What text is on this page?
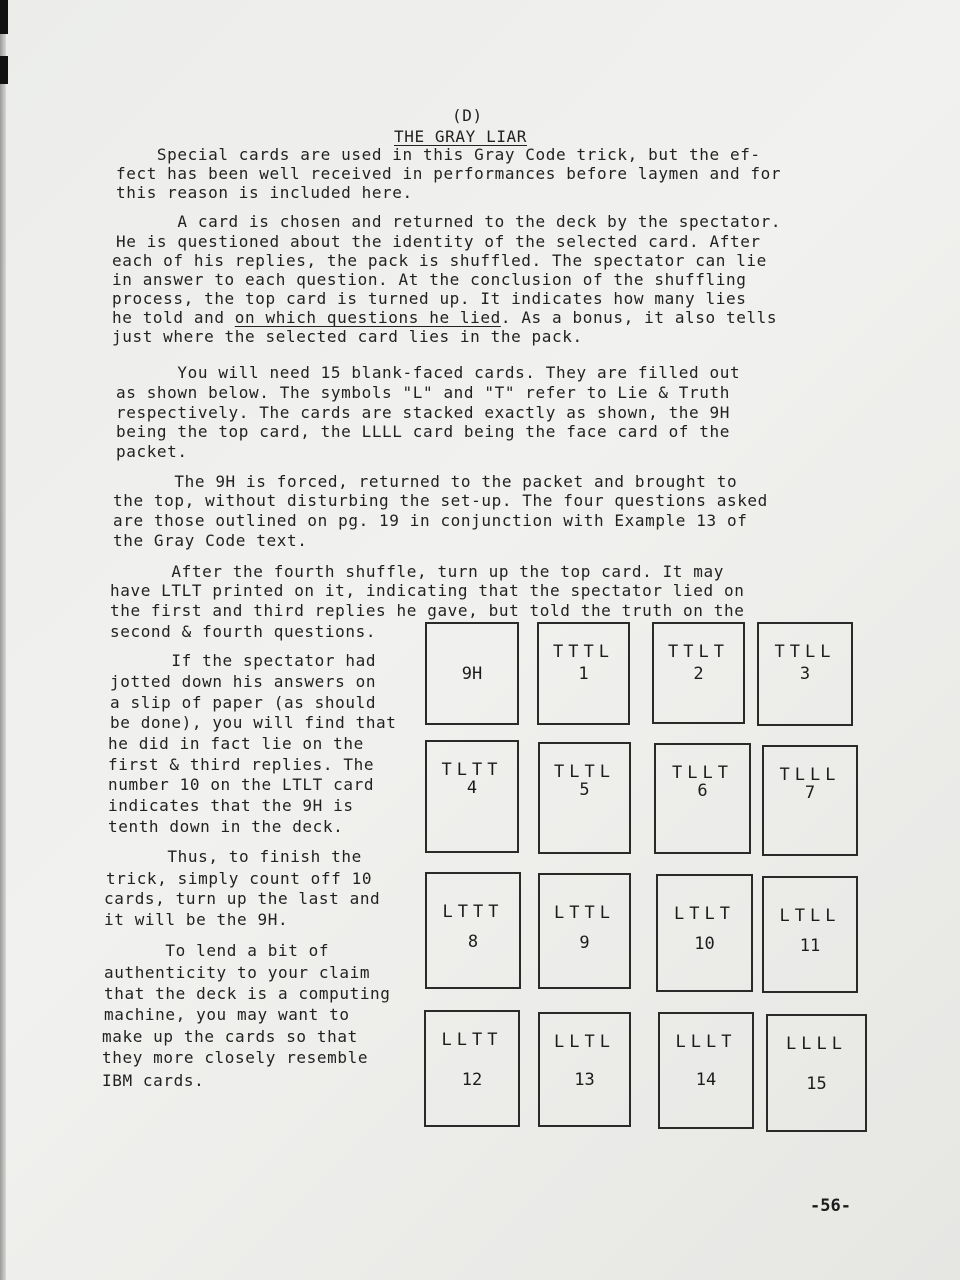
(D)
THE GRAY LIAR
Special cards are used in this Gray Code trick, but the ef-
fect has been well received in performances before laymen and for
this reason is included here.
A card is chosen and returned to the deck by the spectator.
He is questioned about the identity of the selected card. After
each of his replies, the pack is shuffled. The spectator can lie
in answer to each question. At the conclusion of the shuffling
process, the top card is turned up. It indicates how many lies
he told and on which questions he lied. As a bonus, it also tells
just where the selected card lies in the pack.
You will need 15 blank-faced cards. They are filled out
as shown below. The symbols "L" and "T" refer to Lie & Truth
respectively. The cards are stacked exactly as shown, the 9H
being the top card, the LLLL card being the face card of the
packet.
The 9H is forced, returned to the packet and brought to
the top, without disturbing the set-up. The four questions asked
are those outlined on pg. 19 in conjunction with Example 13 of
the Gray Code text.
After the fourth shuffle, turn up the top card. It may
have LTLT printed on it, indicating that the spectator lied on
the first and third replies he gave, but told the truth on the
second & fourth questions.
If the spectator had
jotted down his answers on
a slip of paper (as should
be done), you will find that
he did in fact lie on the
first & third replies. The
number 10 on the LTLT card
indicates that the 9H is
tenth down in the deck.
Thus, to finish the
trick, simply count off 10
cards, turn up the last and
it will be the 9H.
To lend a bit of
authenticity to your claim
that the deck is a computing
machine, you may want to
make up the cards so that
they more closely resemble
IBM cards.
9H
TTTL
1
TTLT
2
TTLL
3
TLTT
4
TLTL
5
TLLT
6
TLLL
7
LTTT
8
LTTL
9
LTLT
10
LTLL
11
LLTT
12
LLTL
13
LLLT
14
LLLL
15
-56-
